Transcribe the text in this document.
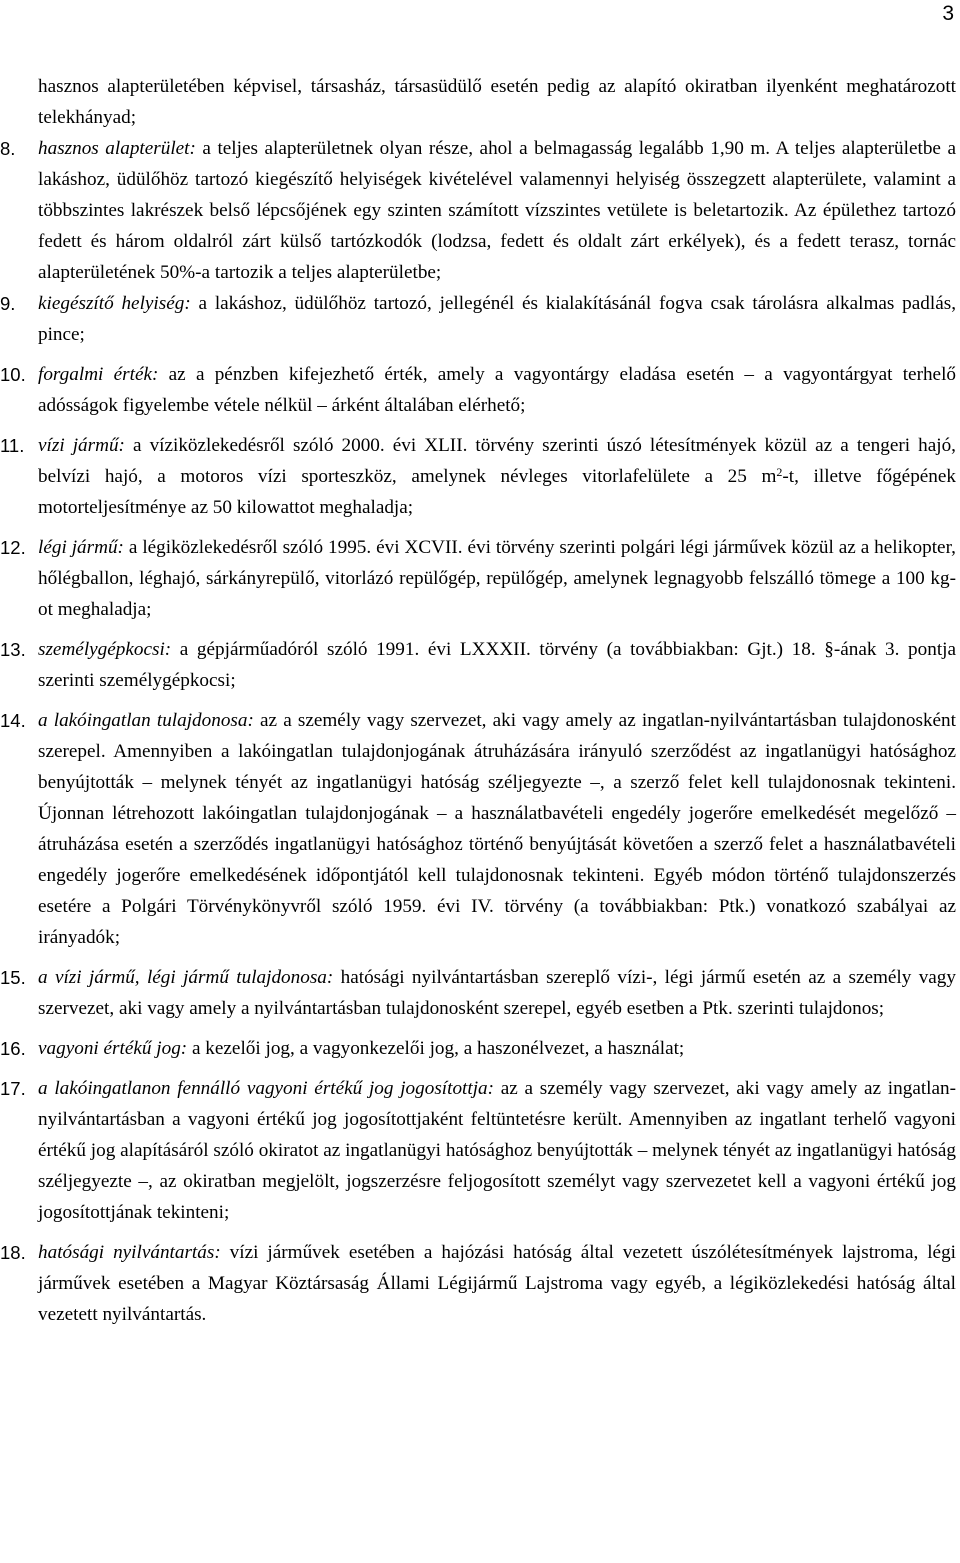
3

hasznos alapterületében képvisel, társasház, társasüdülő esetén pedig az alapító okiratban ilyenként meghatározott telekhányad;

8. hasznos alapterület: a teljes alapterületnek olyan része, ahol a belmagasság legalább 1,90 m. A teljes alapterületbe a lakáshoz, üdülőhöz tartozó kiegészítő helyiségek kivételével valamennyi helyiség összegzett alapterülete, valamint a többszintes lakrészek belső lépcsőjének egy szinten számított vízszintes vetülete is beletartozik. Az épülethez tartozó fedett és három oldalról zárt külső tartózkodók (lodzsa, fedett és oldalt zárt erkélyek), és a fedett terasz, tornác alapterületének 50%-a tartozik a teljes alapterületbe;
9. kiegészítő helyiség: a lakáshoz, üdülőhöz tartozó, jellegénél és kialakításánál fogva csak tárolásra alkalmas padlás, pince;
10. forgalmi érték: az a pénzben kifejezhető érték, amely a vagyontárgy eladása esetén – a vagyontárgyat terhelő adósságok figyelembe vétele nélkül – árként általában elérhető;
11. vízi jármű: a víziközlekedésről szóló 2000. évi XLII. törvény szerinti úszó létesítmények közül az a tengeri hajó, belvízi hajó, a motoros vízi sporteszköz, amelynek névleges vitorlafelülete a 25 $m^2-t$, illetve főgépének motorteljesítménye az 50 kilowattot meghaladja;
12. légi jármű: a légiközlekedésről szóló 1995. évi XCVII. évi törvény szerinti polgári légi járművek közül az a helikopter, hőlégballon, léghajó, sárkányrepülő, vitorlázó repülőgép, repülőgép, amelynek legnagyobb felszálló tömege a 100 kg-ot meghaladja;
13. személygépkocsi: a gépjárműadóról szóló 1991. évi LXXXII. törvény (a továbbiakban: Gjt.) 18. §-ának 3. pontja szerinti személygépkocsi;
14. a lakóingatlan tulajdonosa: az a személy vagy szervezet, aki vagy amely az ingatlan-nyilvántartásban tulajdonosként szerepel. Amennyiben a lakóingatlan tulajdonjogának átruházására irányuló szerződést az ingatlanügyi hatósághoz benyújtották – melynek tényét az ingatlanügyi hatóság széljegyezte –, a szerző felet kell tulajdonosnak tekinteni. Újonnan létrehozott lakóingatlan tulajdonjogának – a használatbavételi engedély jogerőre emelkedését megelőző – átruházása esetén a szerződés ingatlanügyi hatósághoz történő benyújtását követően a szerző felet a használatbavételi engedély jogerőre emelkedésének időpontjától kell tulajdonosnak tekinteni. Egyéb módon történő tulajdonszerzés esetére a Polgári Törvénykönyvről szóló 1959. évi IV. törvény (a továbbiakban: Ptk.) vonatkozó szabályai az irányadók;
15. a vízi jármű, légi jármű tulajdonosa: hatósági nyilvántartásban szereplő vízi-, légi jármű esetén az a személy vagy szervezet, aki vagy amely a nyilvántartásban tulajdonosként szerepel, egyéb esetben a Ptk. szerinti tulajdonos;
16. vagyoni értékű jog: a kezelői jog, a vagyonkezelői jog, a haszonélvezet, a használat;
17. a lakóingatlanon fennálló vagyoni értékű jog jogosítottja: az a személy vagy szervezet, aki vagy amely az ingatlan-nyilvántartásban a vagyoni értékű jog jogosítottjaként feltüntetésre került. Amennyiben az ingatlant terhelő vagyoni értékű jog alapításáról szóló okiratot az ingatlanügyi hatósághoz benyújtották – melynek tényét az ingatlanügyi hatóság széljegyezte –, az okiratban megjelölt, jogszerzésre feljogosított személyt vagy szervezetet kell a vagyoni értékű jog jogosítottjának tekinteni;
18. hatósági nyilvántartás: vízi járművek esetében a hajózási hatóság által vezetett úszólétesítmények lajstroma, légi járművek esetében a Magyar Köztársaság Állami Légijármű Lajstroma vagy egyéb, a légiközlekedési hatóság által vezetett nyilvántartás.
